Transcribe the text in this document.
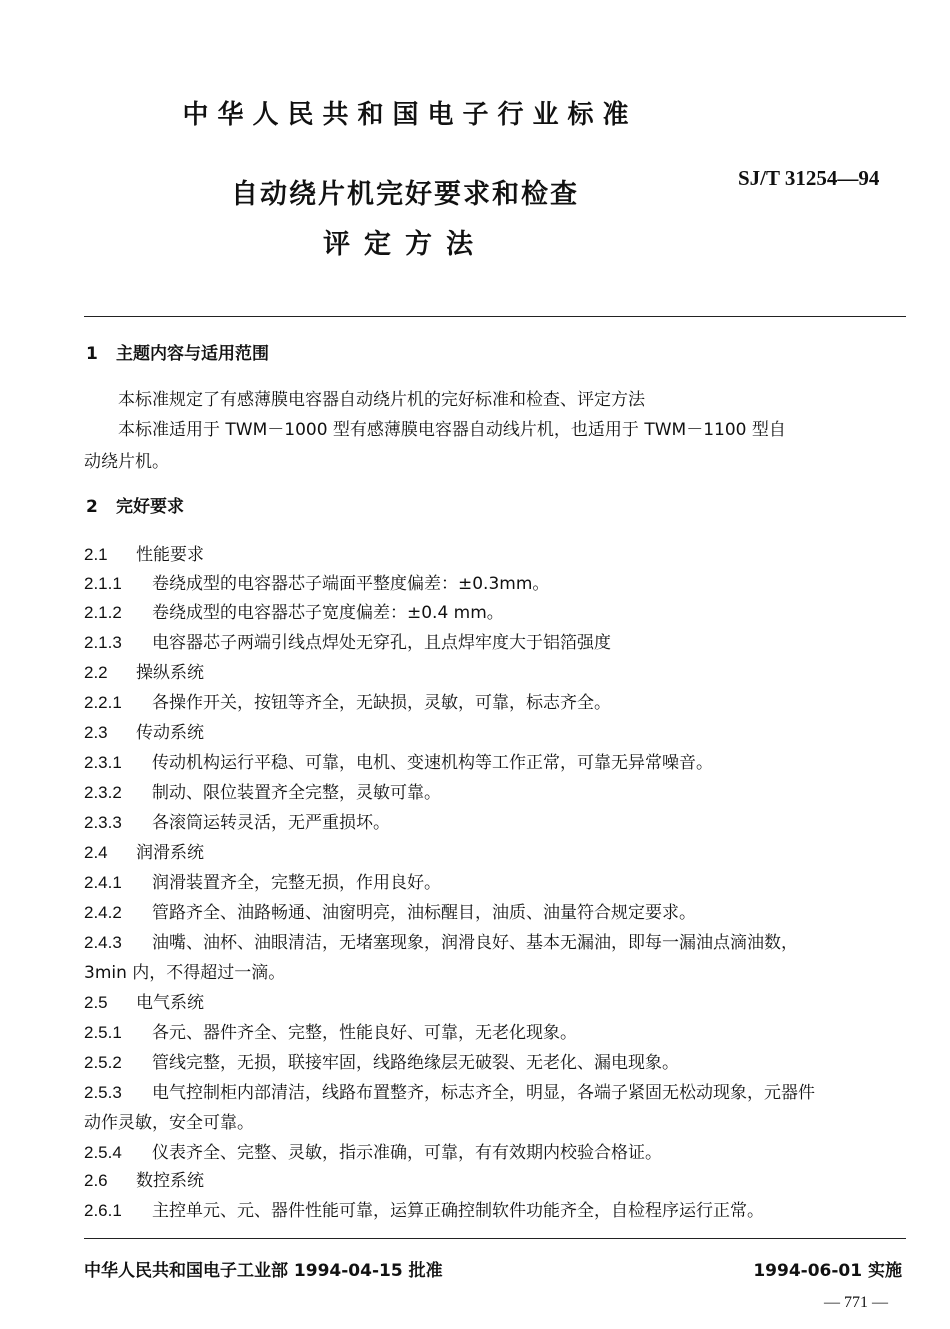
中华人民共和国电子行业标准
SJ/T 31254—94
自动绕片机完好要求和检查
评定方法
1 主题内容与适用范围
本标准规定了有感薄膜电容器自动绕片机的完好标准和检查、评定方法
本标准适用于 TWM－1000 型有感薄膜电容器自动线片机，也适用于 TWM－1100 型自
动绕片机。
2 完好要求
2.1 性能要求
2.1.1 卷绕成型的电容器芯子端面平整度偏差：±0.3mm。
2.1.2 卷绕成型的电容器芯子宽度偏差：±0.4 mm。
2.1.3 电容器芯子两端引线点焊处无穿孔，且点焊牢度大于铝箔强度
2.2 操纵系统
2.2.1 各操作开关，按钮等齐全，无缺损，灵敏，可靠，标志齐全。
2.3 传动系统
2.3.1 传动机构运行平稳、可靠，电机、变速机构等工作正常，可靠无异常噪音。
2.3.2 制动、限位装置齐全完整，灵敏可靠。
2.3.3 各滚筒运转灵活，无严重损坏。
2.4 润滑系统
2.4.1 润滑装置齐全，完整无损，作用良好。
2.4.2 管路齐全、油路畅通、油窗明亮，油标醒目，油质、油量符合规定要求。
2.4.3 油嘴、油杯、油眼清洁，无堵塞现象，润滑良好、基本无漏油，即每一漏油点滴油数，
3min 内，不得超过一滴。
2.5 电气系统
2.5.1 各元、器件齐全、完整，性能良好、可靠，无老化现象。
2.5.2 管线完整，无损，联接牢固，线路绝缘层无破裂、无老化、漏电现象。
2.5.3 电气控制柜内部清洁，线路布置整齐，标志齐全，明显，各端子紧固无松动现象，元器件
动作灵敏，安全可靠。
2.5.4 仪表齐全、完整、灵敏，指示准确，可靠，有有效期内校验合格证。
2.6 数控系统
2.6.1 主控单元、元、器件性能可靠，运算正确控制软件功能齐全，自检程序运行正常。
中华人民共和国电子工业部 1994-04-15 批准	1994-06-01 实施
— 771 —
